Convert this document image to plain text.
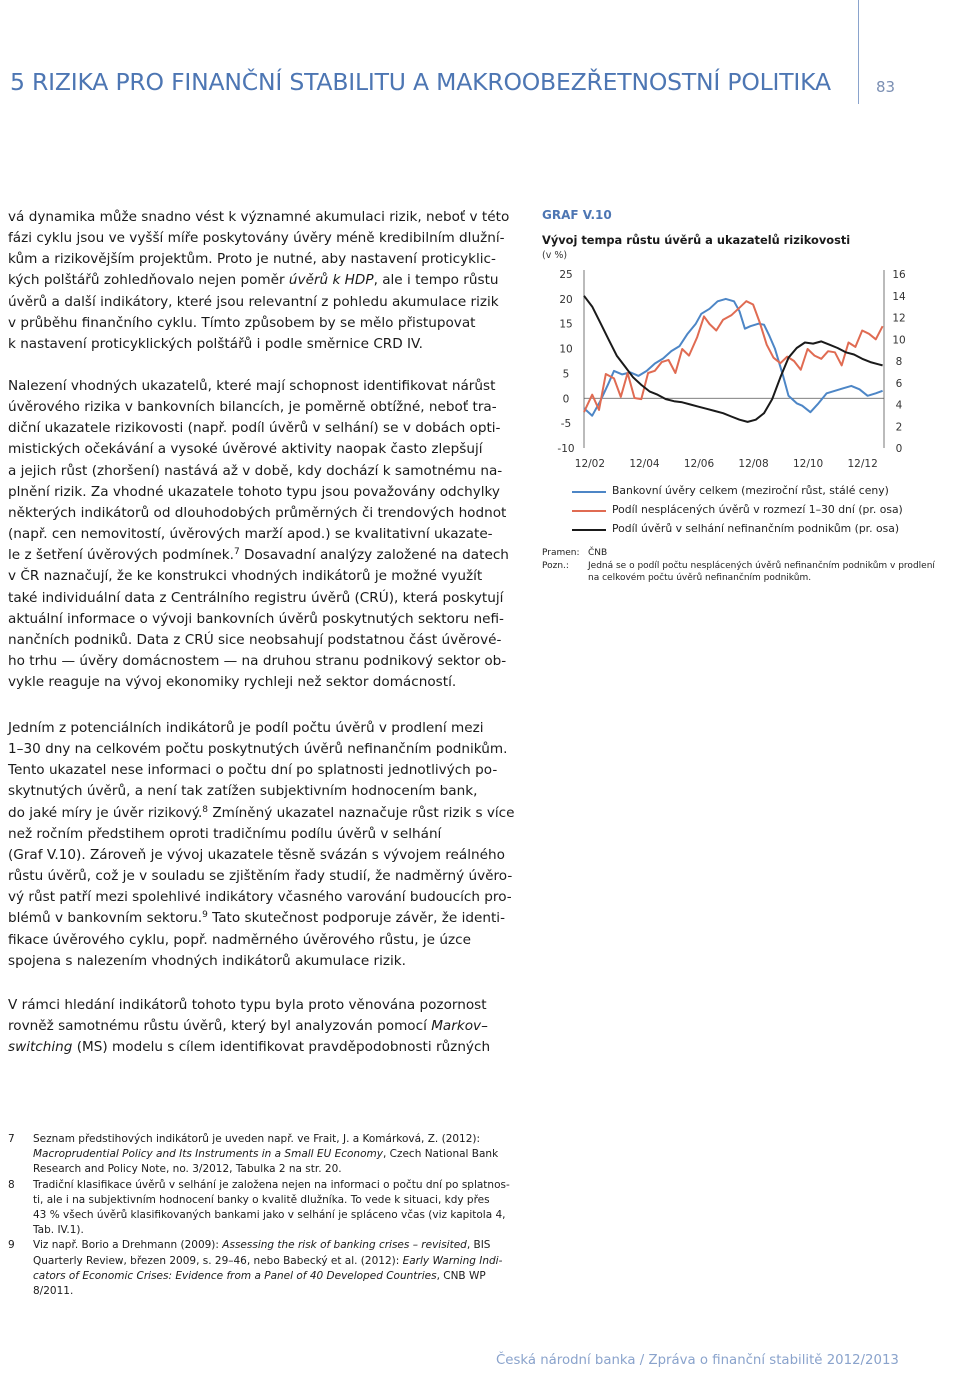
5 RIZIKA PRO FINANČNÍ STABILITU A MAKROOBEZŘETNOSTNÍ POLITIKA	83

vá dynamika může snadno vést k významné akumulaci rizik, neboť v této
fázi cyklu jsou ve vyšší míře poskytovány úvěry méně kredibilním dlužní-
kům a rizikovějším projektům. Proto je nutné, aby nastavení proticyklic-
kých polštářů zohledňovalo nejen poměr úvěrů k HDP, ale i tempo růstu
úvěrů a další indikátory, které jsou relevantní z pohledu akumulace rizik
v průběhu finančního cyklu. Tímto způsobem by se mělo přistupovat
k nastavení proticyklických polštářů i podle směrnice CRD IV.

Nalezení vhodných ukazatelů, které mají schopnost identifikovat nárůst
úvěrového rizika v bankovních bilancích, je poměrně obtížné, neboť tra-
diční ukazatele rizikovosti (např. podíl úvěrů v selhání) se v dobách opti-
mistických očekávání a vysoké úvěrové aktivity naopak často zlepšují
a jejich růst (zhoršení) nastává až v době, kdy dochází k samotnému na-
plnění rizik. Za vhodné ukazatele tohoto typu jsou považovány odchylky
některých indikátorů od dlouhodobých průměrných či trendových hodnot
(např. cen nemovitostí, úvěrových marží apod.) se kvalitativní ukazate-
le z šetření úvěrových podmínek.$^7$ Dosavadní analýzy založené na datech
v ČR naznačují, že ke konstrukci vhodných indikátorů je možné využít
také individuální data z Centrálního registru úvěrů (CRÚ), která poskytují
aktuální informace o vývoji bankovních úvěrů poskytnutých sektoru nefi-
nančních podniků. Data z CRÚ sice neobsahují podstatnou část úvěrové-
ho trhu — úvěry domácnostem — na druhou stranu podnikový sektor ob-
vykle reaguje na vývoj ekonomiky rychleji než sektor domácností.

Jedním z potenciálních indikátorů je podíl počtu úvěrů v prodlení mezi
1–30 dny na celkovém počtu poskytnutých úvěrů nefinančním podnikům.
Tento ukazatel nese informaci o počtu dní po splatnosti jednotlivých po-
skytnutých úvěrů, a není tak zatížen subjektivním hodnocením bank,
do jaké míry je úvěr rizikový.$^8$ Zmíněný ukazatel naznačuje růst rizik s více
než ročním předstihem oproti tradičnímu podílu úvěrů v selhání
(Graf V.10). Zároveň je vývoj ukazatele těsně svázán s vývojem reálného
růstu úvěrů, což je v souladu se zjištěním řady studií, že nadměrný úvěro-
vý růst patří mezi spolehlivé indikátory včasného varování budoucích pro-
blémů v bankovním sektoru.$^9$ Tato skutečnost podporuje závěr, že identi-
fikace úvěrového cyklu, popř. nadměrného úvěrového růstu, je úzce
spojena s nalezením vhodných indikátorů akumulace rizik.

V rámci hledání indikátorů tohoto typu byla proto věnována pozornost
rovněž samotnému růstu úvěrů, který byl analyzován pomocí Markov–
switching (MS) modelu s cílem identifikovat pravděpodobnosti různých

GRAF V.10
Vývoj tempa růstu úvěrů a ukazatelů rizikovosti
(v %)
25
20
15
10
5
0
-5
-10
16
14
12
10
8
6
4
2
0
12/02 12/04 12/06 12/08 12/10 12/12
Bankovní úvěry celkem (meziroční růst, stálé ceny)
Podíl nesplácených úvěrů v rozmezí 1–30 dní (pr. osa)
Podíl úvěrů v selhání nefinančním podnikům (pr. osa)
Pramen: ČNB
Pozn.: Jedná se o podíl počtu nesplácených úvěrů nefinančním podnikům v prodlení
na celkovém počtu úvěrů nefinančním podnikům.
7 Seznam předstihových indikátorů je uveden např. ve Frait, J. a Komárková, Z. (2012):
Macroprudential Policy and Its Instruments in a Small EU Economy, Czech National Bank
Research and Policy Note, no. 3/2012, Tabulka 2 na str. 20.
8 Tradiční klasifikace úvěrů v selhání je založena nejen na informaci o počtu dní po splatnos-
ti, ale i na subjektivním hodnocení banky o kvalitě dlužníka. To vede k situaci, kdy přes
43 % všech úvěrů klasifikovaných bankami jako v selhání je spláceno včas (viz kapitola 4,
Tab. IV.1).
9 Viz např. Borio a Drehmann (2009): Assessing the risk of banking crises – revisited, BIS
Quarterly Review, březen 2009, s. 29–46, nebo Babecký et al. (2012): Early Warning Indi-
cators of Economic Crises: Evidence from a Panel of 40 Developed Countries, CNB WP
8/2011.
Česká národní banka / Zpráva o finanční stabilitě 2012/2013
